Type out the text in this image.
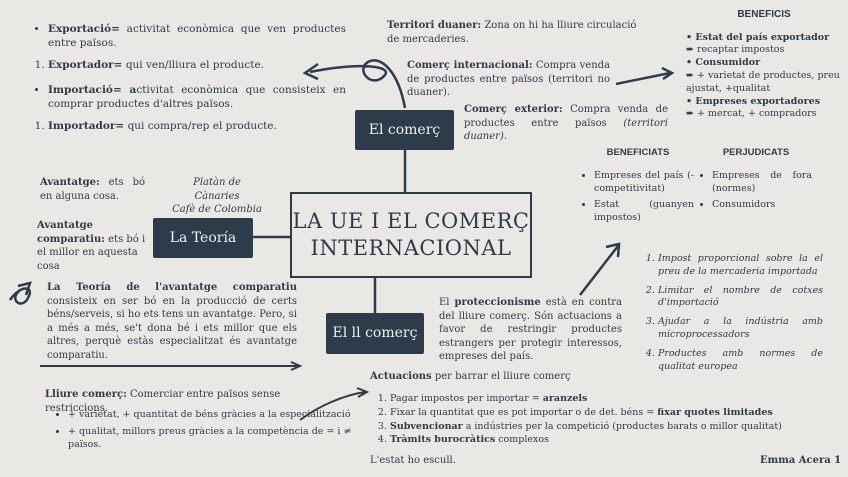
LA UE I EL COMERÇ
INTERNACIONAL
El comerç
La Teoría
El ll comerç
• Exportació= activitat econòmica que ven productes entre països.
1. Exportador= qui ven/lliura el producte.
• Importació= activitat econòmica que consisteix en comprar productes d'altres països.
1. Importador= qui compra/rep el producte.
Avantatge: ets bó en alguna cosa.
Platàn de Cànaries
Cafè de Colombia
Avantatge comparatiu: ets bó i el millor en aquesta cosa
La Teoría de l'avantatge comparatiu consisteix en ser bó en la producció de certs béns/serveis, si ho ets tens un avantatge. Pero, si a més a més, se't dona bé i ets millor que els altres, perquè estàs especialitzat és avantatge comparatiu.
Lliure comerç: Comerciar entre països sense restriccions.
• + varietat, + quantitat de béns gràcies a la especialització
• + qualitat, millors preus gràcies a la competència de = i ≠ països.
Territori duaner: Zona on hi ha lliure circulació de mercaderies.
Comerç internacional: Compra venda de productes entre països (territori no duaner).
Comerç exterior: Compra venda de productes entre països (territori duaner).
BENEFICIS
• Estat del país exportador
➨ recaptar impostos
• Consumidor
➨ + varietat de productes, preu ajustat, +qualitat
• Empreses exportadores
➨ + mercat, + compradors
BENEFICIATS
• Empreses del país (- competitivitat)
• Estat (guanyen impostos)
PERJUDICATS
• Empreses de fora (normes)
• Consumidors
1. Impost proporcional sobre la el preu de la mercaderia importada
2. Limitar el nombre de cotxes d'importació
3. Ajudar a la indústria amb microprocessadors
4. Productes amb normes de qualitat europea
El proteccionisme està en contra del lliure comerç. Són actuacions a favor de restringir productes estrangers per protegir interessos, empreses del país.
Actuacions per barrar el lliure comerç
1. Pagar impostos per importar = aranzels
2. Fixar la quantitat que es pot importar o de det. béns = fixar quotes limitades
3. Subvencionar a indústries per la competició (productes barats o millor qualitat)
4. Tràmits burocràtics complexos
L'estat ho escull.	Emma Acera 1
